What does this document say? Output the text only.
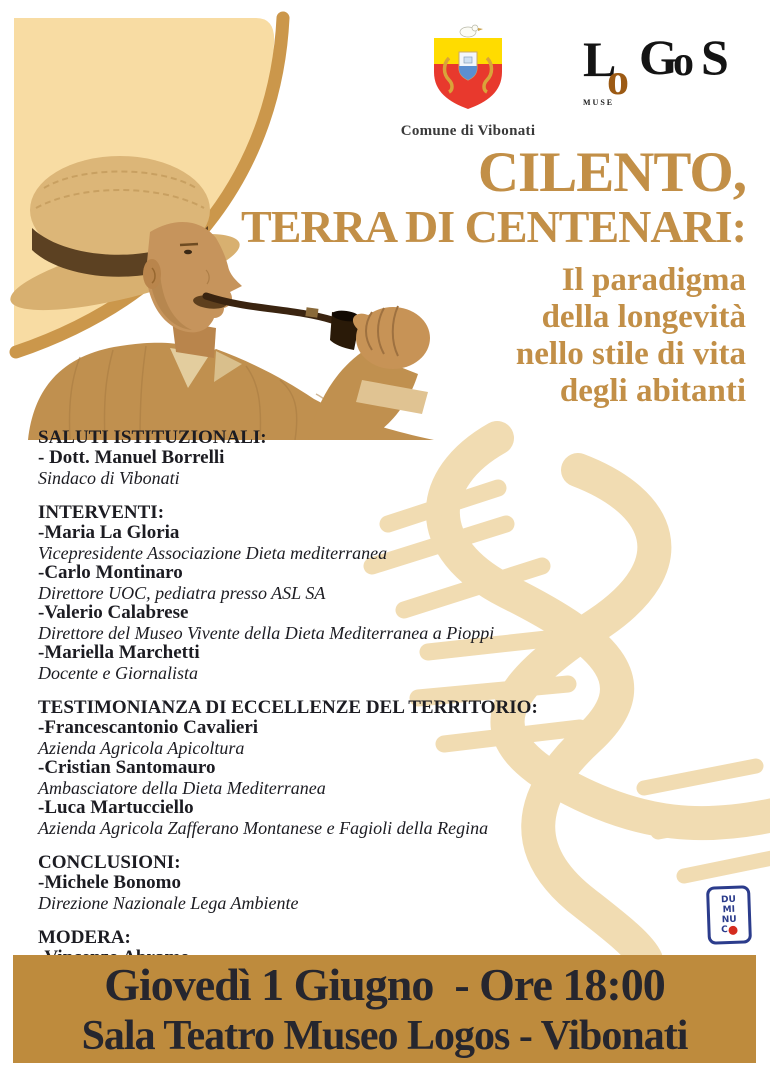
Comune di Vibonati
L
o G
o S
MUSE
CILENTO,
TERRA DI CENTENARI:
Il paradigma
della longevità
nello stile di vita
degli abitanti
SALUTI ISTITUZIONALI:
- Dott. Manuel Borrelli
Sindaco di Vibonati
INTERVENTI:
-Maria La Gloria
Vicepresidente Associazione Dieta mediterranea
-Carlo Montinaro
Direttore UOC, pediatra presso ASL SA
-Valerio Calabrese
Direttore del Museo Vivente della Dieta Mediterranea a Pioppi
-Mariella Marchetti
Docente e Giornalista
TESTIMONIANZA DI ECCELLENZE DEL TERRITORIO:
-Francescantonio Cavalieri
Azienda Agricola Apicoltura
-Cristian Santomauro
Ambasciatore della Dieta Mediterranea
-Luca Martucciello
Azienda Agricola Zafferano Montanese e Fagioli della Regina
CONCLUSIONI:
-Michele Bonomo
Direzione Nazionale Lega Ambiente
MODERA:
DU
MI
NU
C
Giovedì 1 Giugno  - Ore 18:00
Sala Teatro Museo Logos - Vibonati
